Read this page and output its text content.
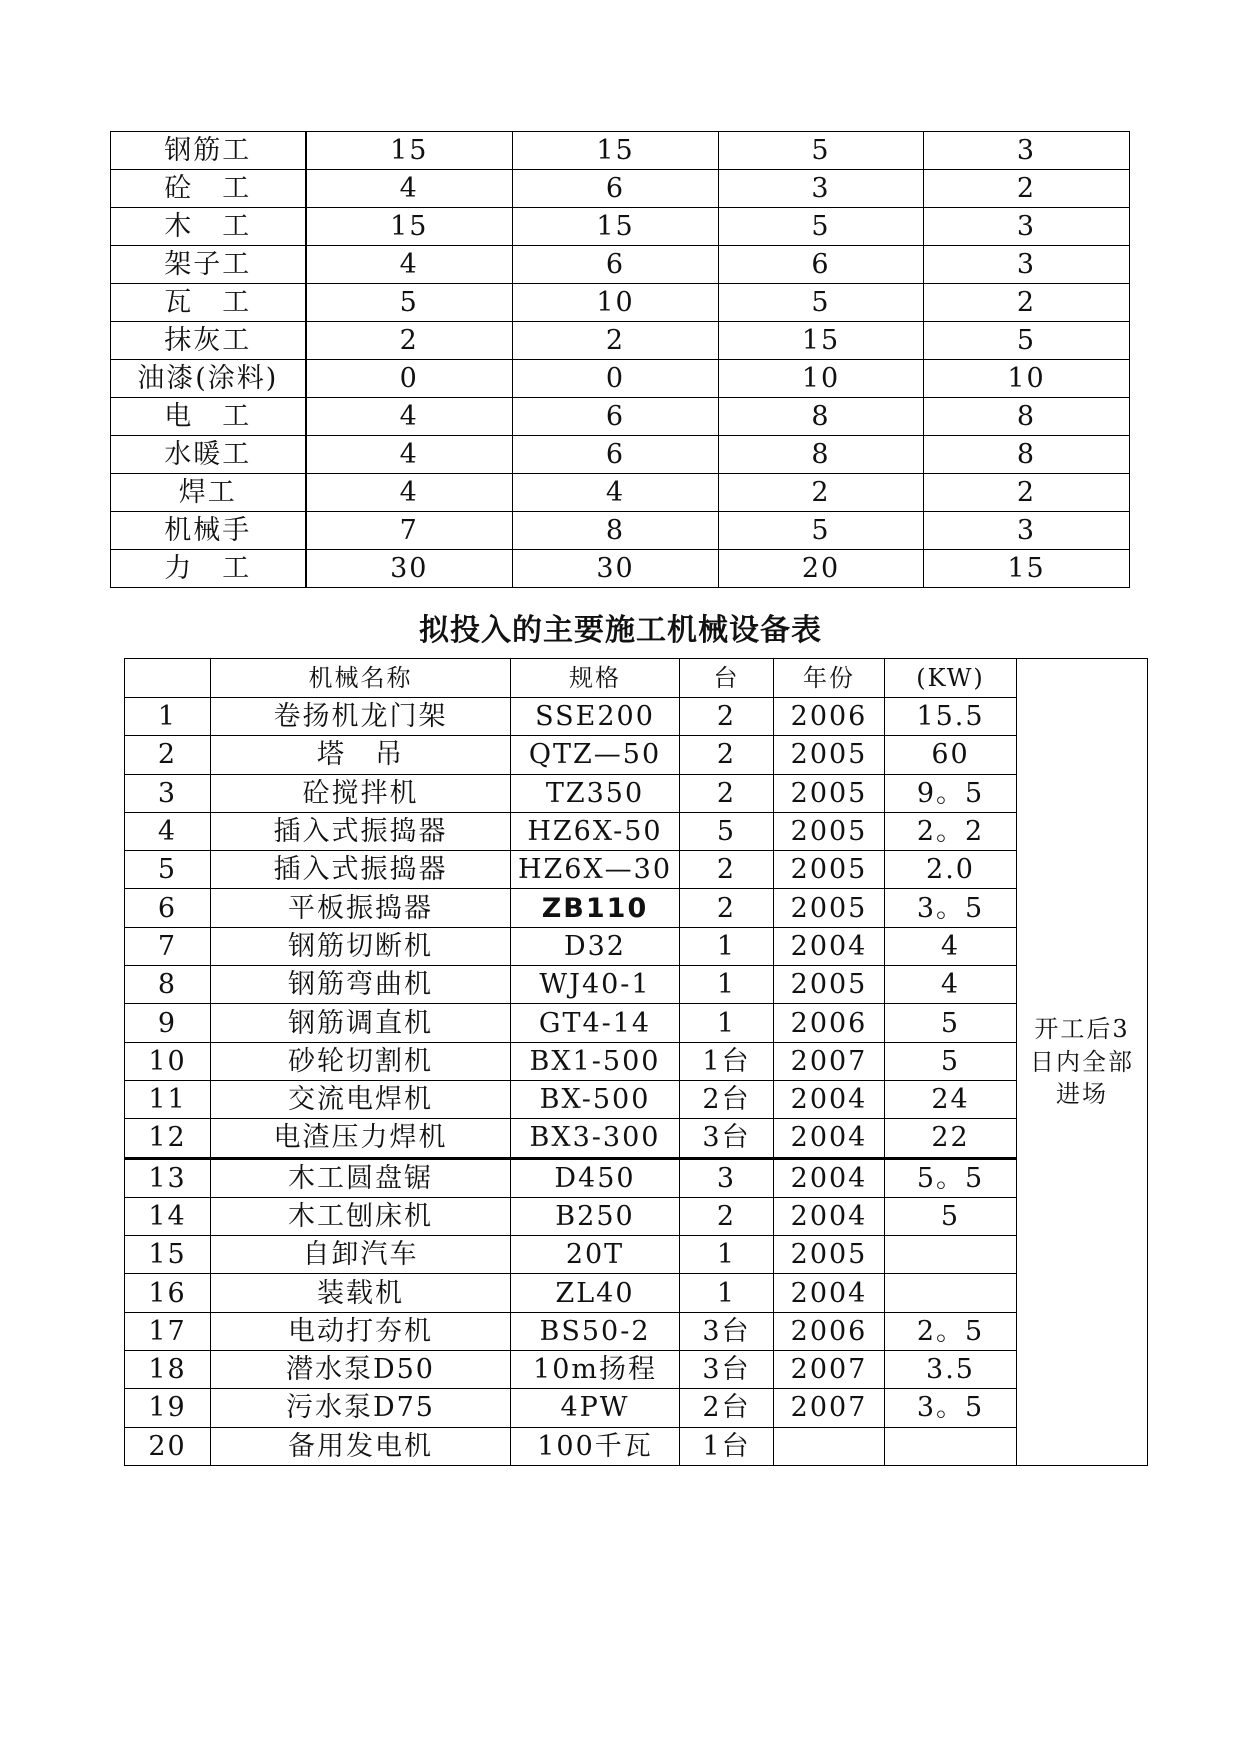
钢筋工	15	15	5	3
砼　工	4	6	3	2
木　工	15	15	5	3
架子工	4	6	6	3
瓦　工	5	10	5	2
抹灰工	2	2	15	5
油漆(涂料)	0	0	10	10
电　工	4	6	8	8
水暖工	4	6	8	8
焊工	4	4	2	2
机械手	7	8	5	3
力　工	30	30	20	15
拟投入的主要施工机械设备表
	机械名称	规格	台	年份	(KW)	开工后3日内全部进场
1	卷扬机龙门架	SSE200	2	2006	15.5	
2	塔　吊	QTZ—50	2	2005	60	
3	砼搅拌机	TZ350	2	2005	9。5	
4	插入式振捣器	HZ6X-50	5	2005	2。2	
5	插入式振捣器	HZ6X—30	2	2005	2.0	
6	平板振捣器	ZB110	2	2005	3。5	
7	钢筋切断机	D32	1	2004	4	
8	钢筋弯曲机	WJ40-1	1	2005	4	
9	钢筋调直机	GT4-14	1	2006	5	
10	砂轮切割机	BX1-500	1台	2007	5	
11	交流电焊机	BX-500	2台	2004	24	
12	电渣压力焊机	BX3-300	3台	2004	22	
13	木工圆盘锯	D450	3	2004	5。5	
14	木工刨床机	B250	2	2004	5	
15	自卸汽车	20T	1	2005		
16	装载机	ZL40	1	2004		
17	电动打夯机	BS50-2	3台	2006	2。5	
18	潜水泵D50	10m扬程	3台	2007	3.5	
19	污水泵D75	4PW	2台	2007	3。5	
20	备用发电机	100千瓦	1台			
